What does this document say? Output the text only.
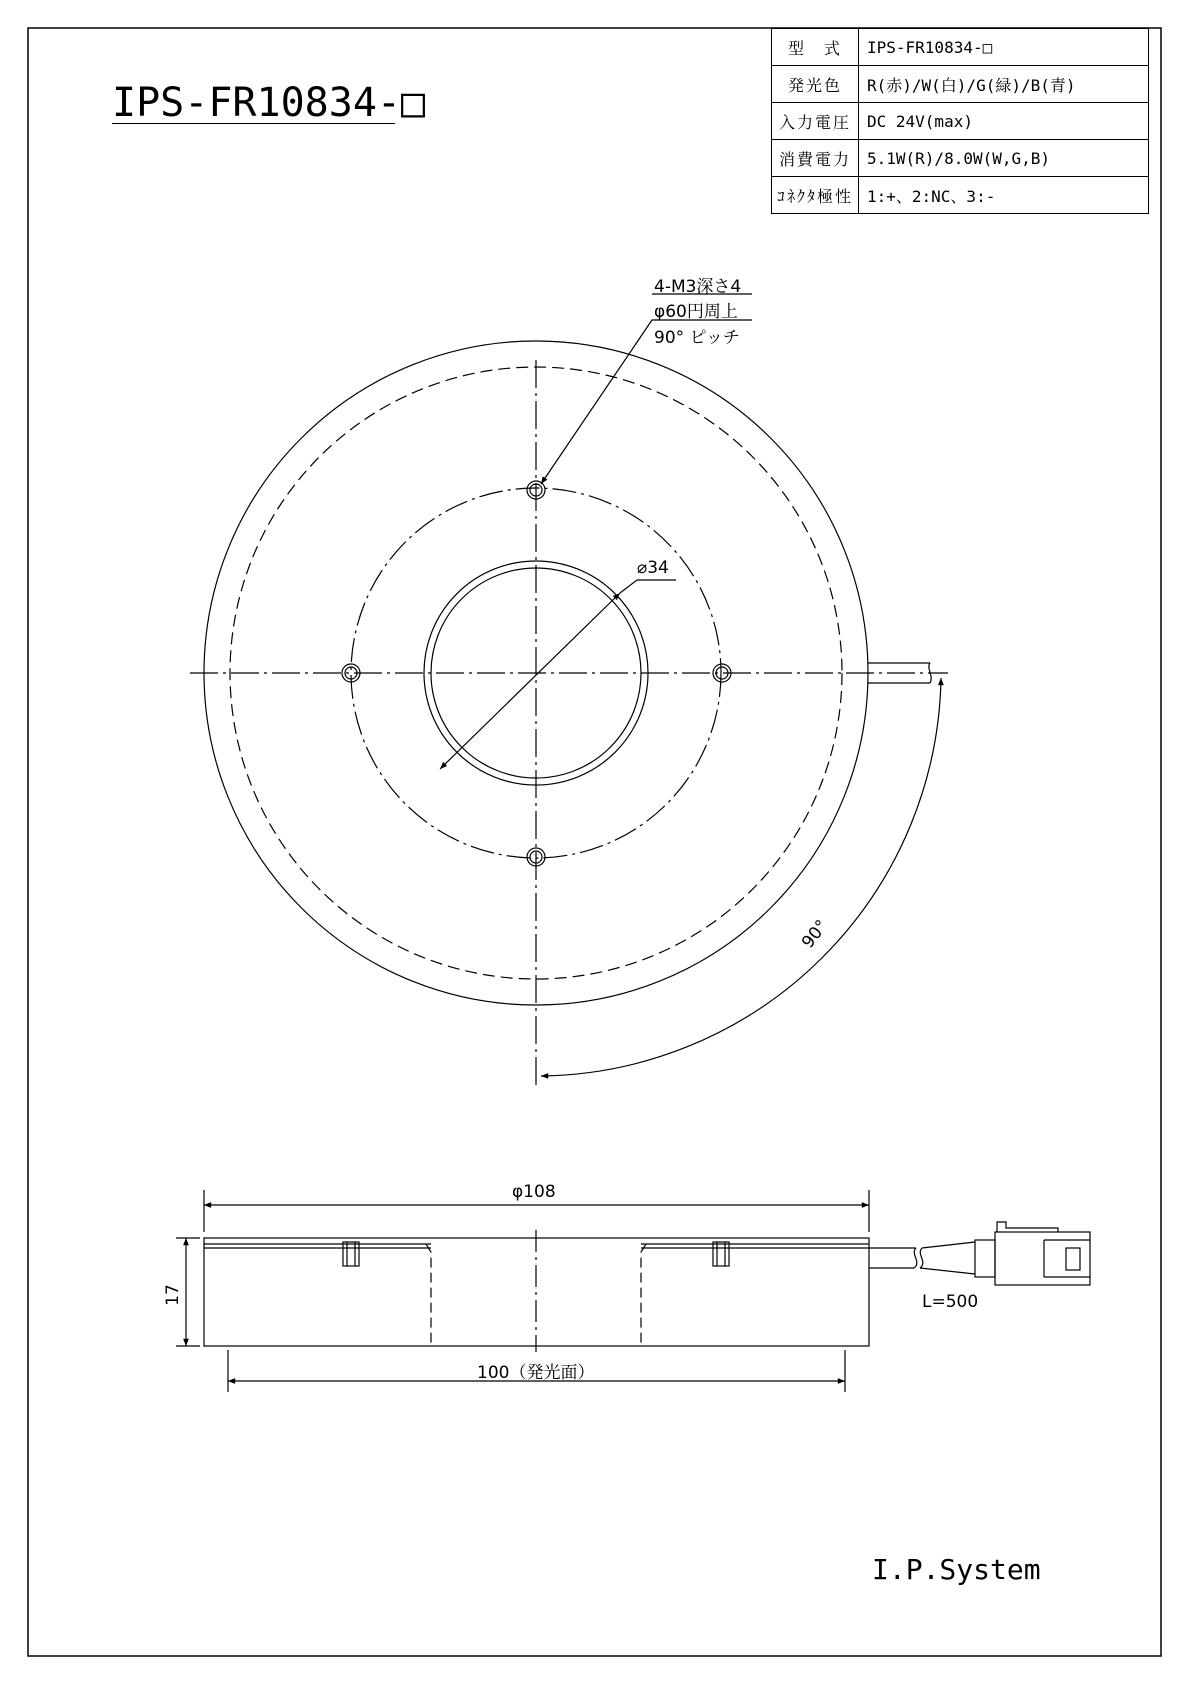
IPS-FR10834-□
型　式	IPS-FR10834-□
発光色	R(赤)/W(白)/G(緑)/B(青)
入力電圧	DC 24V(max)
消費電力	5.1W(R)/8.0W(W,G,B)
ｺﾈｸﾀ極性	1:+、2:NC、3:-
4-M3深さ4
φ60円周上
90° ピッチ
⌀34
90°
φ108
17
100（発光面）
L=500
I.P.System
